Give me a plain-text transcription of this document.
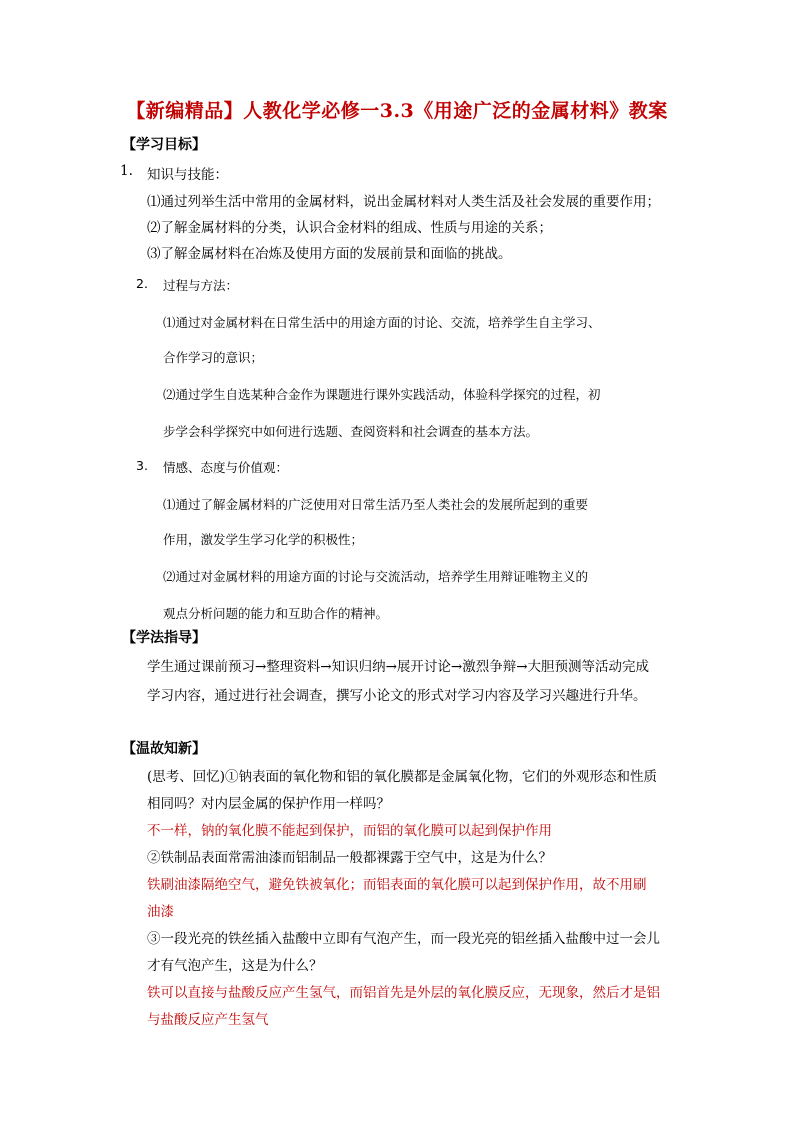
【新编精品】人教化学必修一3.3《用途广泛的金属材料》教案
【学习目标】
1. 知识与技能：
⑴通过列举生活中常用的金属材料，说出金属材料对人类生活及社会发展的重要作用；
⑵了解金属材料的分类，认识合金材料的组成、性质与用途的关系；
⑶了解金属材料在冶炼及使用方面的发展前景和面临的挑战。
2. 过程与方法：
⑴通过对金属材料在日常生活中的用途方面的讨论、交流，培养学生自主学习、
合作学习的意识；
⑵通过学生自选某种合金作为课题进行课外实践活动，体验科学探究的过程，初
步学会科学探究中如何进行选题、查阅资料和社会调查的基本方法。
3. 情感、态度与价值观：
⑴通过了解金属材料的广泛使用对日常生活乃至人类社会的发展所起到的重要
作用，激发学生学习化学的积极性；
⑵通过对金属材料的用途方面的讨论与交流活动，培养学生用辩证唯物主义的
观点分析问题的能力和互助合作的精神。
【学法指导】
学生通过课前预习→整理资料→知识归纳→展开讨论→激烈争辩→大胆预测等活动完成
学习内容，通过进行社会调查，撰写小论文的形式对学习内容及学习兴趣进行升华。
【温故知新】
(思考、回忆)①钠表面的氧化物和铝的氧化膜都是金属氧化物，它们的外观形态和性质
相同吗？对内层金属的保护作用一样吗？
不一样，钠的氧化膜不能起到保护，而铝的氧化膜可以起到保护作用
②铁制品表面常需油漆而铝制品一般都裸露于空气中，这是为什么？
铁刷油漆隔绝空气，避免铁被氧化；而铝表面的氧化膜可以起到保护作用，故不用刷
油漆
③一段光亮的铁丝插入盐酸中立即有气泡产生，而一段光亮的铝丝插入盐酸中过一会儿
才有气泡产生，这是为什么？
铁可以直接与盐酸反应产生氢气，而铝首先是外层的氧化膜反应，无现象，然后才是铝
与盐酸反应产生氢气
